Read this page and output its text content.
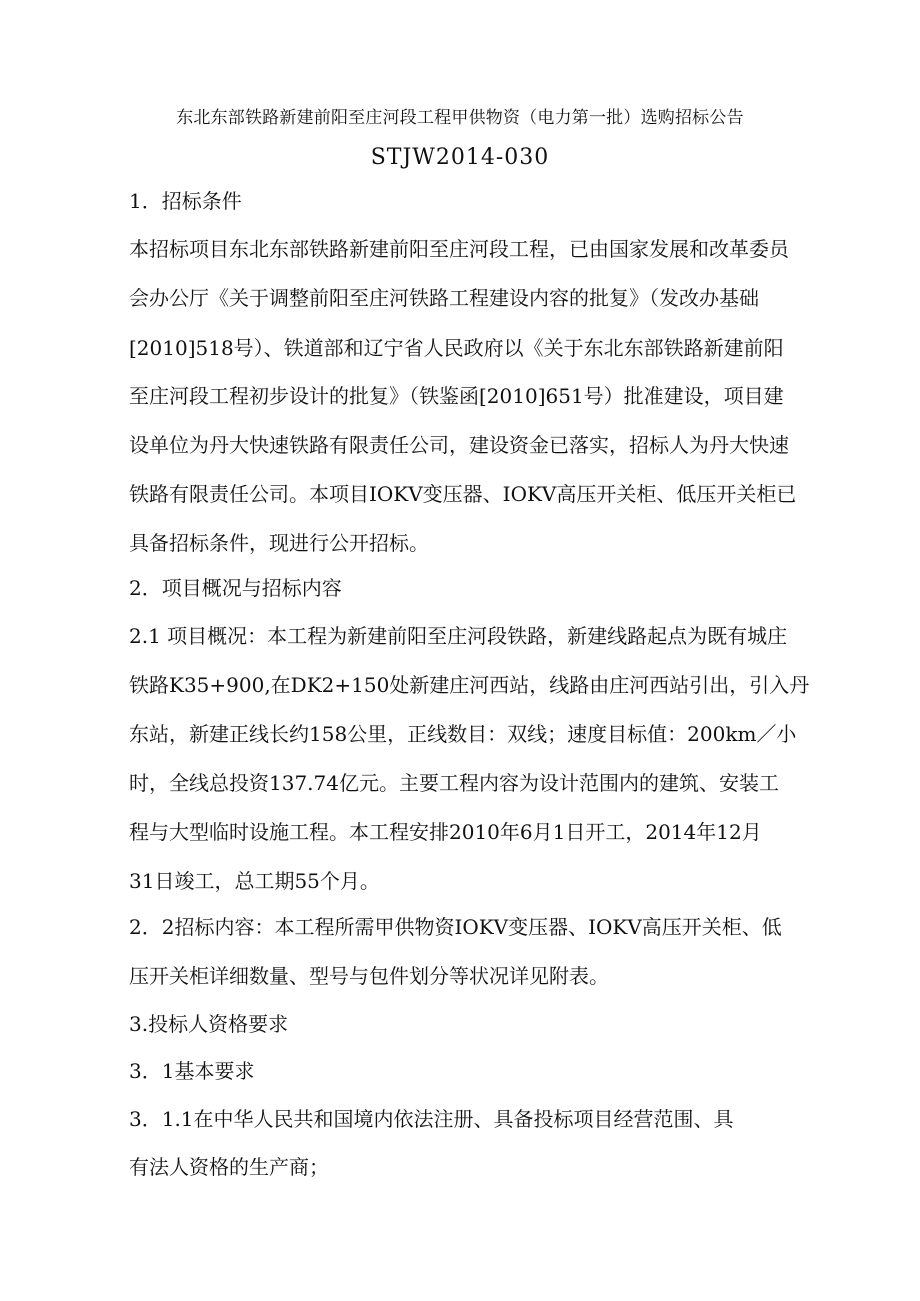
东北东部铁路新建前阳至庄河段工程甲供物资（电力第一批）选购招标公告
STJW2014-030
1．招标条件
本招标项目东北东部铁路新建前阳至庄河段工程，已由国家发展和改革委员
会办公厅《关于调整前阳至庄河铁路工程建设内容的批复》（发改办基础
[2010]518号）、铁道部和辽宁省人民政府以《关于东北东部铁路新建前阳
至庄河段工程初步设计的批复》（铁鉴函[2010]651号）批准建设，项目建
设单位为丹大快速铁路有限责任公司，建设资金已落实，招标人为丹大快速
铁路有限责任公司。本项目IOKV变压器、IOKV高压开关柜、低压开关柜已
具备招标条件，现进行公开招标。
2．项目概况与招标内容
2.1 项目概况：本工程为新建前阳至庄河段铁路，新建线路起点为既有城庄
铁路K35+900,在DK2+150处新建庄河西站，线路由庄河西站引出，引入丹
东站，新建正线长约158公里，正线数目：双线；速度目标值：200km／小
时，全线总投资137.74亿元。主要工程内容为设计范围内的建筑、安装工
程与大型临时设施工程。本工程安排2010年6月1日开工，2014年12月
31日竣工，总工期55个月。
2．2招标内容：本工程所需甲供物资IOKV变压器、IOKV高压开关柜、低
压开关柜详细数量、型号与包件划分等状况详见附表。
3.投标人资格要求
3．1基本要求
3．1.1在中华人民共和国境内依法注册、具备投标项目经营范围、具
有法人资格的生产商；
